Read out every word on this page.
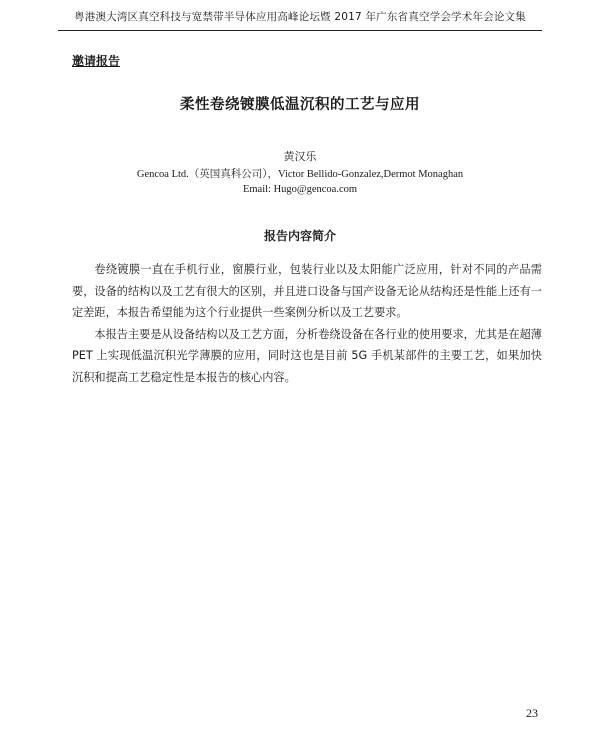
粤港澳大湾区真空科技与宽禁带半导体应用高峰论坛暨 2017 年广东省真空学会学术年会论文集
邀请报告
柔性卷绕镀膜低温沉积的工艺与应用
黄汉乐
Gencoa Ltd.（英国真科公司），Victor Bellido-Gonzalez,Dermot Monaghan
Email: Hugo@gencoa.com
报告内容简介

卷绕镀膜一直在手机行业，窗膜行业，包装行业以及太阳能广泛应用，针对不同的产品需要，设备的结构以及工艺有很大的区别，并且进口设备与国产设备无论从结构还是性能上还有一定差距，本报告希望能为这个行业提供一些案例分析以及工艺要求。

本报告主要是从设备结构以及工艺方面，分析卷绕设备在各行业的使用要求，尤其是在超薄 PET 上实现低温沉积光学薄膜的应用，同时这也是目前 5G 手机某部件的主要工艺，如果加快沉积和提高工艺稳定性是本报告的核心内容。

23
